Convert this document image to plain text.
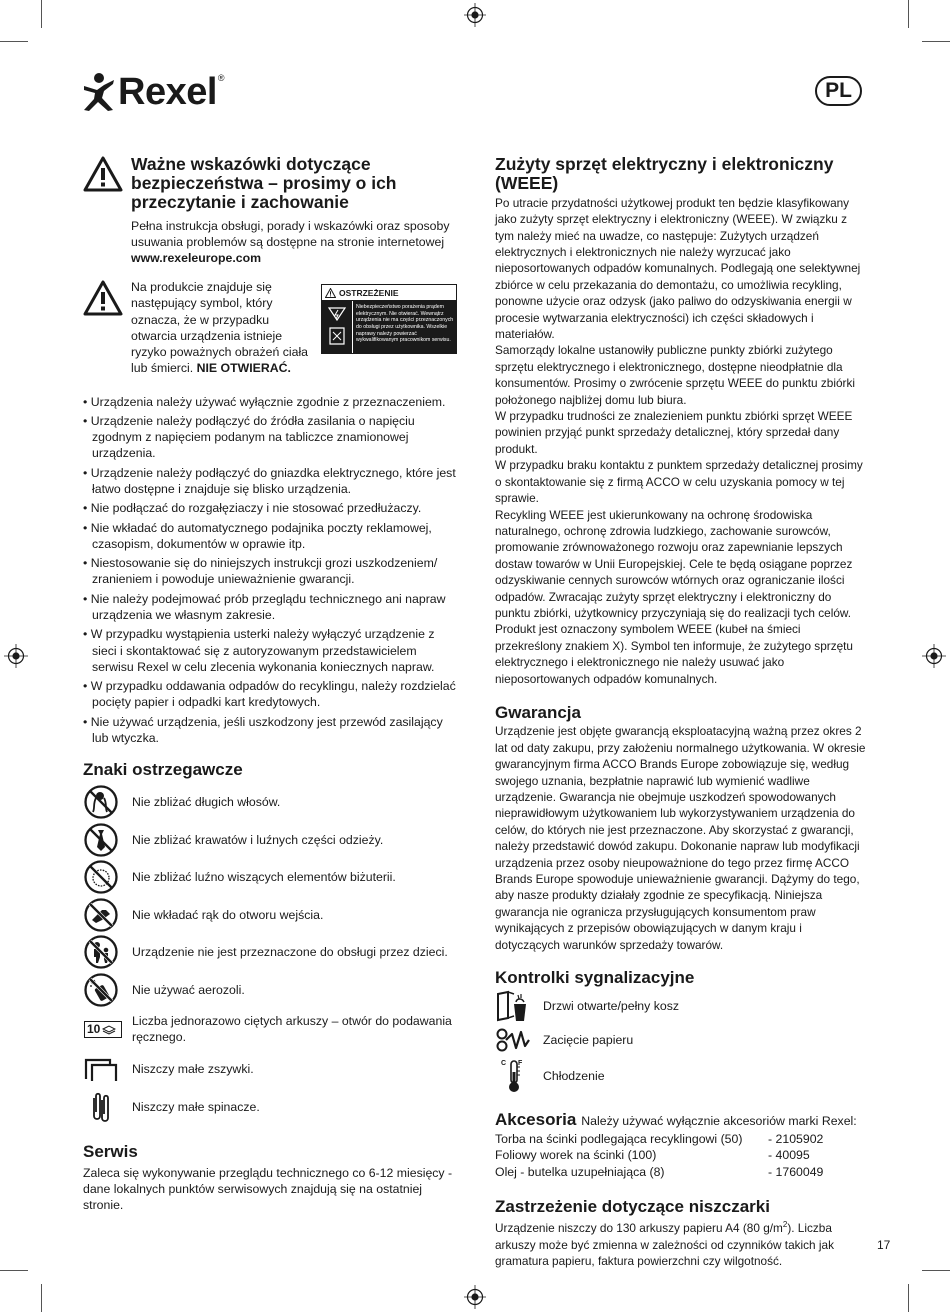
Rexel ®
PL
Ważne wskazówki dotyczące bezpieczeństwa – prosimy o ich przeczytanie i zachowanie

Pełna instrukcja obsługi, porady i wskazówki oraz sposoby usuwania problemów są dostępne na stronie internetowej www.rexeleurope.com

Na produkcie znajduje się następujący symbol, który oznacza, że w przypadku otwarcia urządzenia istnieje ryzyko poważnych obrażeń ciała lub śmierci. NIE OTWIERAĆ.

OSTRZEŻENIE
Niebezpieczeństwo porażenia prądem elektrycznym. Nie otwierać. Wewnątrz urządzenia nie ma części przeznaczonych do obsługi przez użytkownika. Wszelkie naprawy należy powierzać wykwalifikowanym pracownikom serwisu.
• Urządzenia należy używać wyłącznie zgodnie z przeznaczeniem.
• Urządzenie należy podłączyć do źródła zasilania o napięciu zgodnym z napięciem podanym na tabliczce znamionowej urządzenia.
• Urządzenie należy podłączyć do gniazdka elektrycznego, które jest łatwo dostępne i znajduje się blisko urządzenia.
• Nie podłączać do rozgałęziaczy i nie stosować przedłużaczy.
• Nie wkładać do automatycznego podajnika poczty reklamowej, czasopism, dokumentów w oprawie itp.
• Niestosowanie się do niniejszych instrukcji grozi uszkodzeniem/ zranieniem i powoduje unieważnienie gwarancji.
• Nie należy podejmować prób przeglądu technicznego ani napraw urządzenia we własnym zakresie.
• W przypadku wystąpienia usterki należy wyłączyć urządzenie z sieci i skontaktować się z autoryzowanym przedstawicielem serwisu Rexel w celu zlecenia wykonania koniecznych napraw.
• W przypadku oddawania odpadów do recyklingu, należy rozdzielać pocięty papier i odpadki kart kredytowych.
• Nie używać urządzenia, jeśli uszkodzony jest przewód zasilający lub wtyczka.
Znaki ostrzegawcze
Nie zbliżać długich włosów.
Nie zbliżać krawatów i luźnych części odzieży.
Nie zbliżać luźno wiszących elementów biżuterii.
Nie wkładać rąk do otworu wejścia.
Urządzenie nie jest przeznaczone do obsługi przez dzieci.
Nie używać aerozoli.
10
Liczba jednorazowo ciętych arkuszy – otwór do podawania ręcznego.
Niszczy małe zszywki.
Niszczy małe spinacze.
Serwis

Zaleca się wykonywanie przeglądu technicznego co 6-12 miesięcy - dane lokalnych punktów serwisowych znajdują się na ostatniej stronie.

Zużyty sprzęt elektryczny i elektroniczny (WEEE)

Po utracie przydatności użytkowej produkt ten będzie klasyfikowany jako zużyty sprzęt elektryczny i elektroniczny (WEEE). W związku z tym należy mieć na uwadze, co następuje: Zużytych urządzeń elektrycznych i elektronicznych nie należy wyrzucać jako nieposortowanych odpadów komunalnych. Podlegają one selektywnej zbiórce w celu przekazania do demontażu, co umożliwia recykling, ponowne użycie oraz odzysk (jako paliwo do odzyskiwania energii w procesie wytwarzania elektryczności) ich części składowych i materiałów.

Samorządy lokalne ustanowiły publiczne punkty zbiórki zużytego sprzętu elektrycznego i elektronicznego, dostępne nieodpłatnie dla konsumentów. Prosimy o zwrócenie sprzętu WEEE do punktu zbiórki położonego najbliżej domu lub biura.

W przypadku trudności ze znalezieniem punktu zbiórki sprzęt WEEE powinien przyjąć punkt sprzedaży detalicznej, który sprzedał dany produkt.

W przypadku braku kontaktu z punktem sprzedaży detalicznej prosimy o skontaktowanie się z firmą ACCO w celu uzyskania pomocy w tej sprawie.

Recykling WEEE jest ukierunkowany na ochronę środowiska naturalnego, ochronę zdrowia ludzkiego, zachowanie surowców, promowanie zrównoważonego rozwoju oraz zapewnianie lepszych dostaw towarów w Unii Europejskiej. Cele te będą osiągane poprzez odzyskiwanie cennych surowców wtórnych oraz ograniczanie ilości odpadów. Zwracając zużyty sprzęt elektryczny i elektroniczny do punktu zbiórki, użytkownicy przyczyniają się do realizacji tych celów.

Produkt jest oznaczony symbolem WEEE (kubeł na śmieci przekreślony znakiem X). Symbol ten informuje, że zużytego sprzętu elektrycznego i elektronicznego nie należy usuwać jako nieposortowanych odpadów komunalnych.

Gwarancja

Urządzenie jest objęte gwarancją eksploatacyjną ważną przez okres 2 lat od daty zakupu, przy założeniu normalnego użytkowania. W okresie gwarancyjnym firma ACCO Brands Europe zobowiązuje się, według swojego uznania, bezpłatnie naprawić lub wymienić wadliwe urządzenie. Gwarancja nie obejmuje uszkodzeń spowodowanych nieprawidłowym użytkowaniem lub wykorzystywaniem urządzenia do celów, do których nie jest przeznaczone. Aby skorzystać z gwarancji, należy przedstawić dowód zakupu. Dokonanie napraw lub modyfikacji urządzenia przez osoby nieupoważnione do tego przez firmę ACCO Brands Europe spowoduje unieważnienie gwarancji. Dążymy do tego, aby nasze produkty działały zgodnie ze specyfikacją. Niniejsza gwarancja nie ogranicza przysługujących konsumentom praw wynikających z przepisów obowiązujących w danym kraju i dotyczących warunków sprzedaży towarów.

Kontrolki sygnalizacyjne
Drzwi otwarte/pełny kosz
Zacięcie papieru
C F
Chłodzenie
Akcesoria Należy używać wyłącznie akcesoriów marki Rexel:
Torba na ścinki podlegająca recyklingowi (50)	- 2105902
Foliowy worek na ścinki (100)	- 40095
Olej - butelka uzupełniająca (8)	- 1760049
Zastrzeżenie dotyczące niszczarki

Urządzenie niszczy do 130 arkuszy papieru A4 (80 $g/m^2$). Liczba arkuszy może być zmienna w zależności od czynników takich jak gramatura papieru, faktura powierzchni czy wilgotność.

17
